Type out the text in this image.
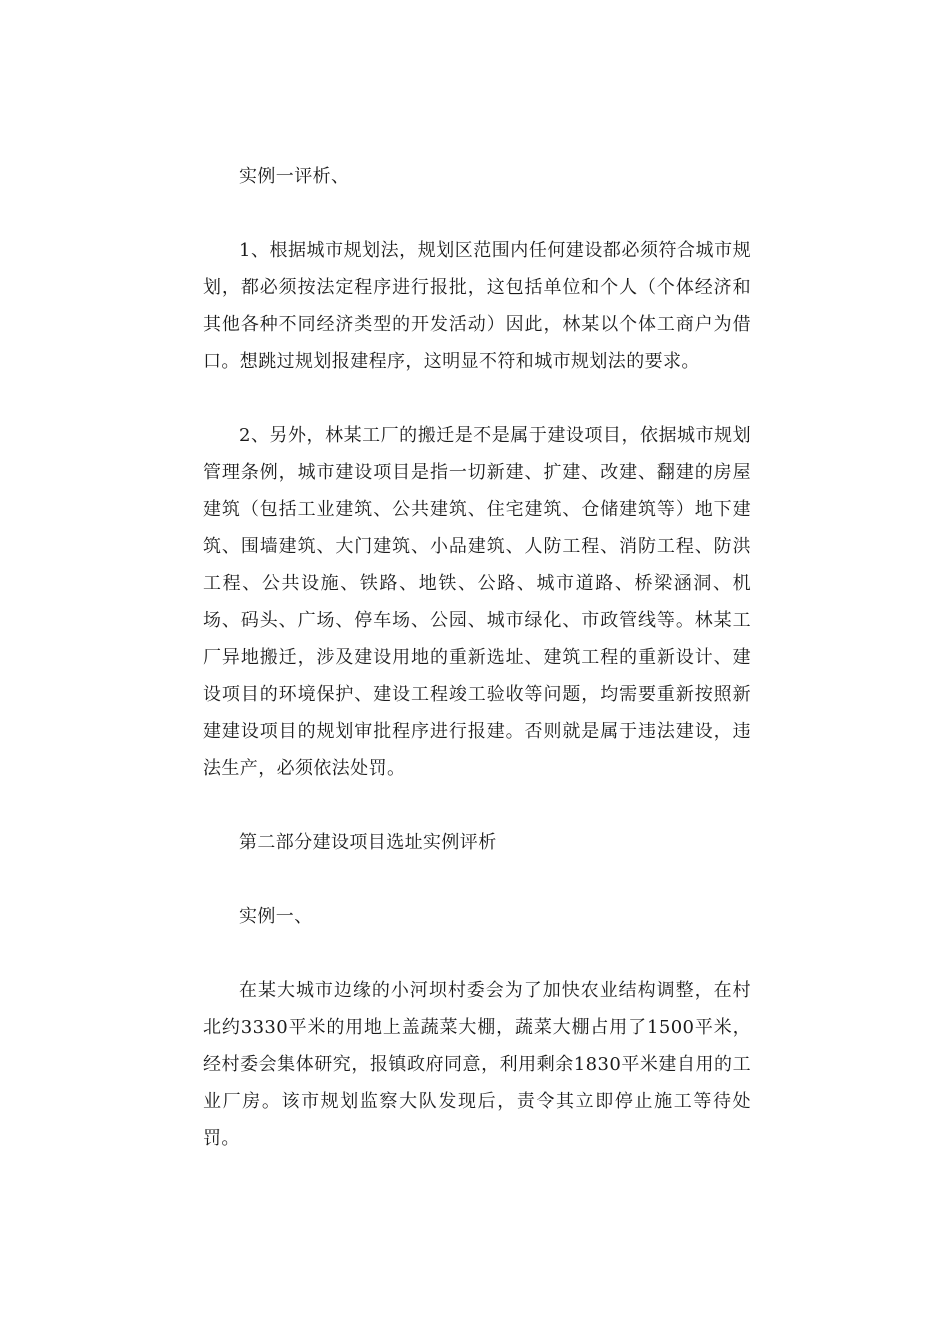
实例一评析、

1、根据城市规划法，规划区范围内任何建设都必须符合城市规划，都必须按法定程序进行报批，这包括单位和个人（个体经济和其他各种不同经济类型的开发活动）因此，林某以个体工商户为借口。想跳过规划报建程序，这明显不符和城市规划法的要求。

2、另外，林某工厂的搬迁是不是属于建设项目，依据城市规划管理条例，城市建设项目是指一切新建、扩建、改建、翻建的房屋建筑（包括工业建筑、公共建筑、住宅建筑、仓储建筑等）地下建筑、围墙建筑、大门建筑、小品建筑、人防工程、消防工程、防洪工程、公共设施、铁路、地铁、公路、城市道路、桥梁涵洞、机场、码头、广场、停车场、公园、城市绿化、市政管线等。林某工厂异地搬迁，涉及建设用地的重新选址、建筑工程的重新设计、建设项目的环境保护、建设工程竣工验收等问题，均需要重新按照新建建设项目的规划审批程序进行报建。否则就是属于违法建设，违法生产，必须依法处罚。

第二部分建设项目选址实例评析

实例一、

在某大城市边缘的小河坝村委会为了加快农业结构调整，在村北约3330平米的用地上盖蔬菜大棚，蔬菜大棚占用了1500平米，经村委会集体研究，报镇政府同意，利用剩余1830平米建自用的工业厂房。该市规划监察大队发现后，责令其立即停止施工等待处罚。
